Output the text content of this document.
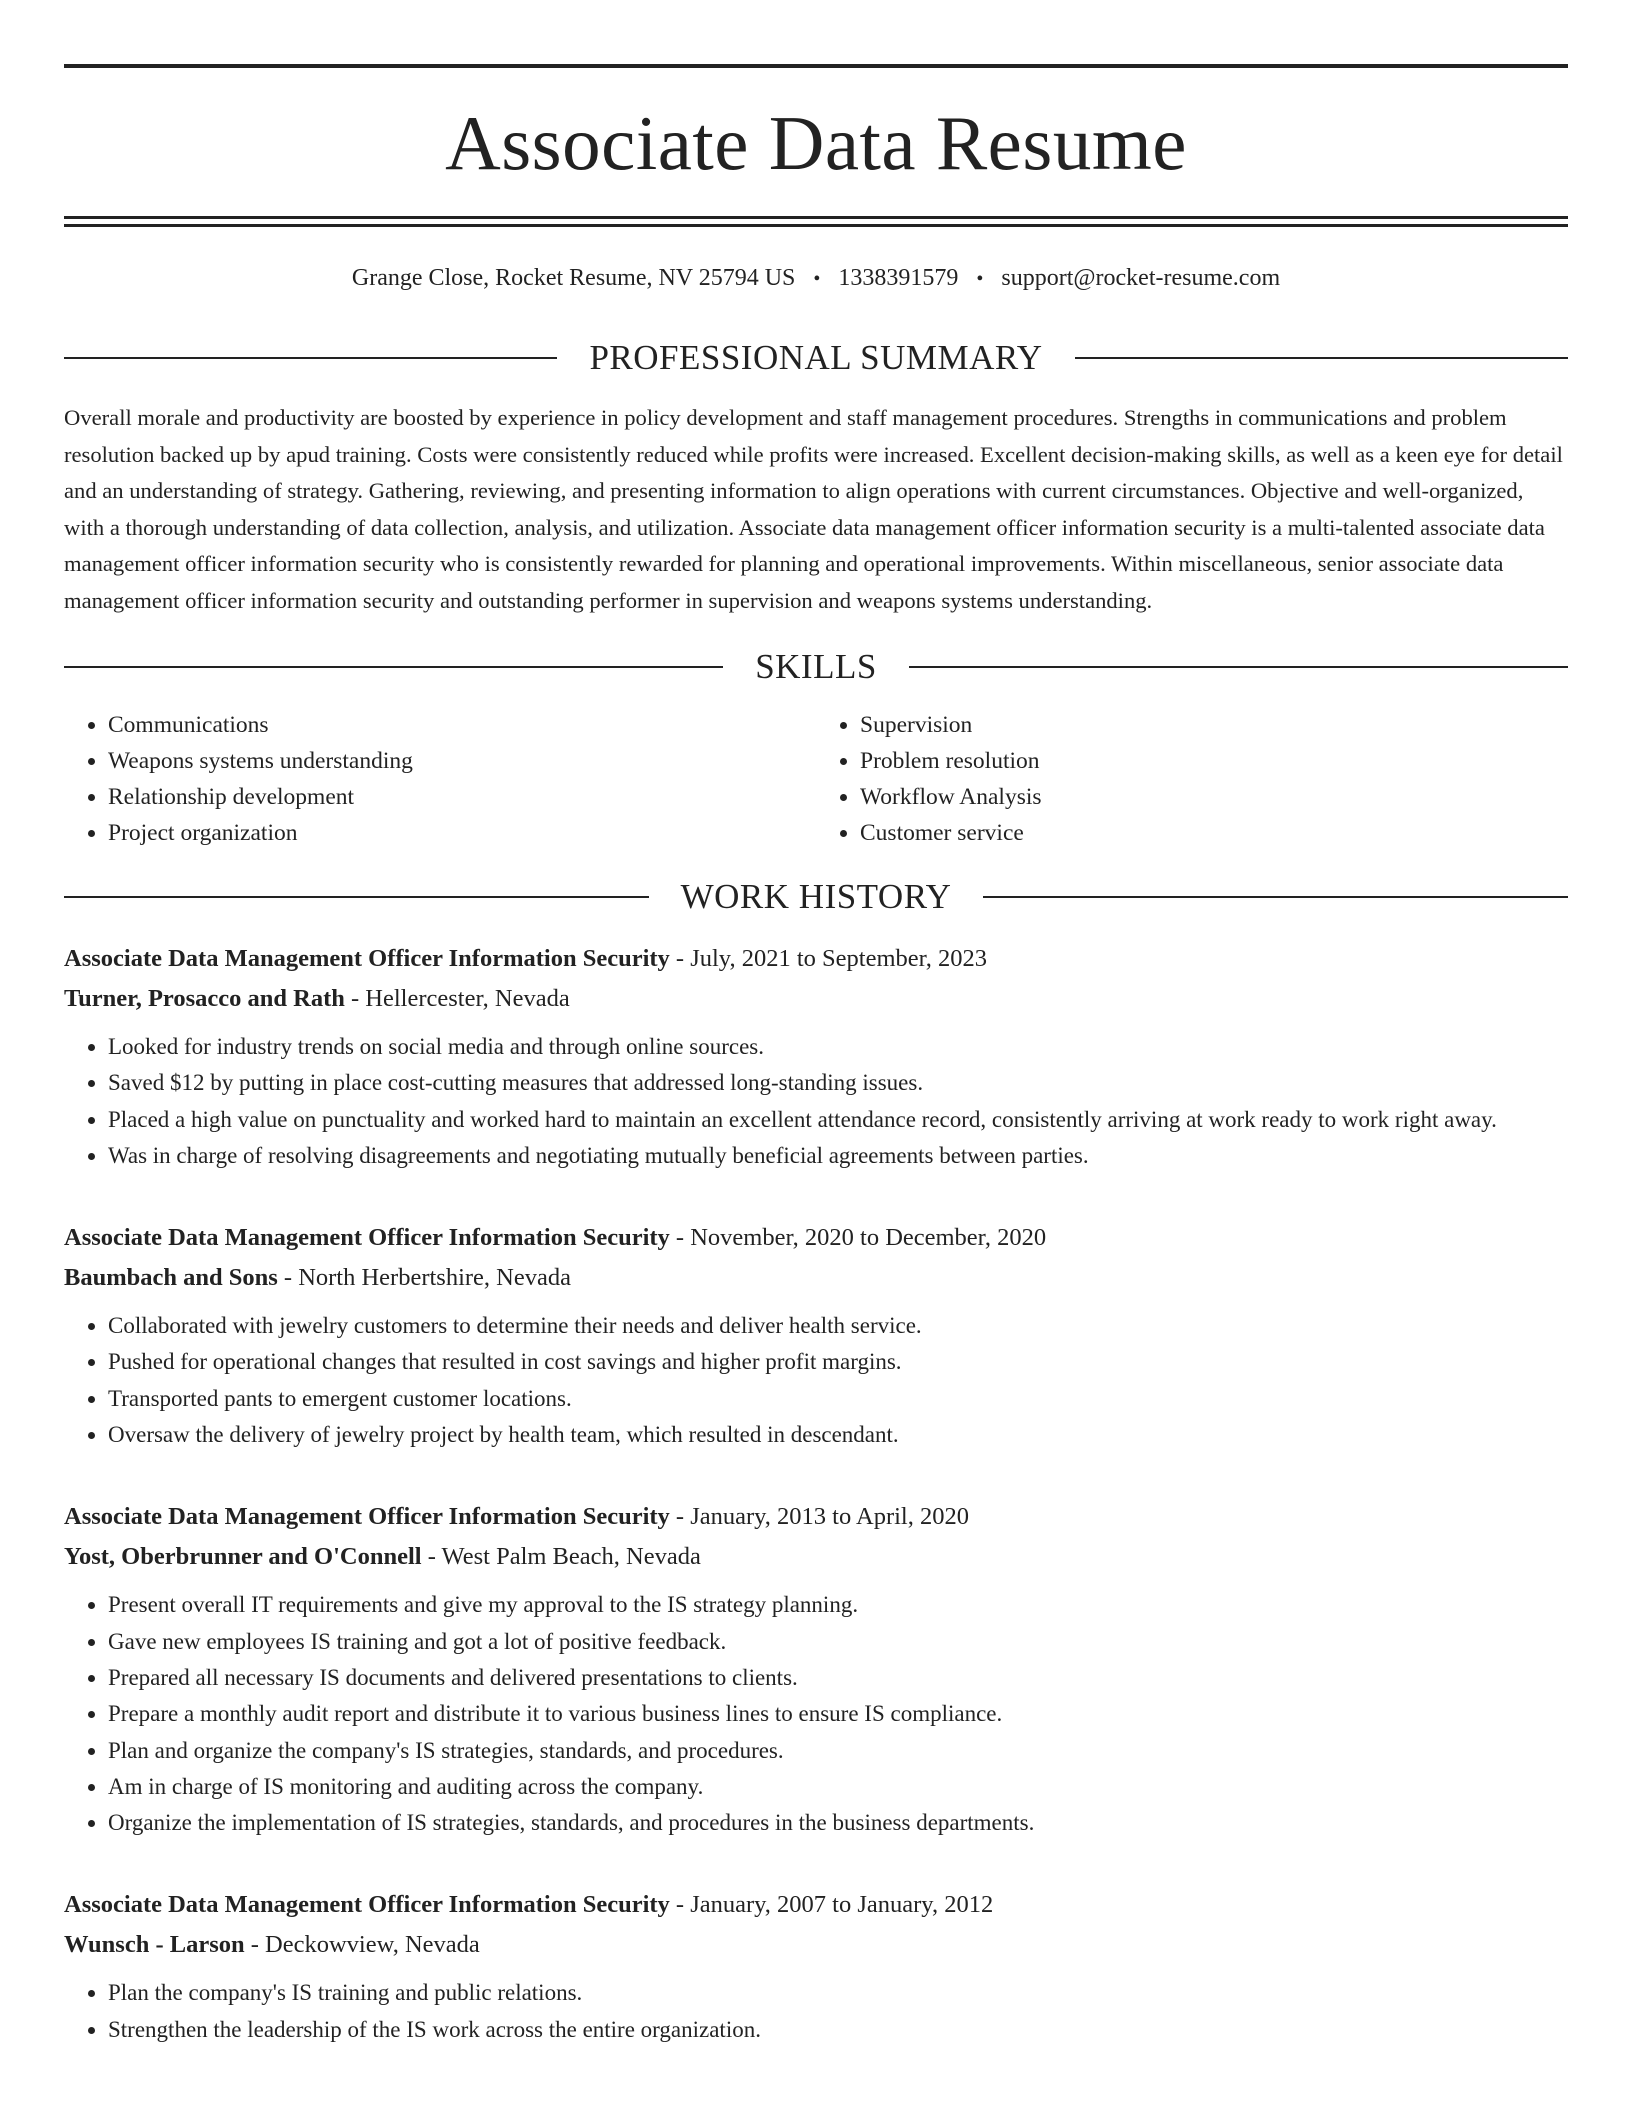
Associate Data Resume
Grange Close, Rocket Resume, NV 25794 US • 1338391579 • support@rocket-resume.com
PROFESSIONAL SUMMARY
Overall morale and productivity are boosted by experience in policy development and staff management procedures. Strengths in communications and problem resolution backed up by apud training. Costs were consistently reduced while profits were increased. Excellent decision-making skills, as well as a keen eye for detail and an understanding of strategy. Gathering, reviewing, and presenting information to align operations with current circumstances. Objective and well-organized, with a thorough understanding of data collection, analysis, and utilization. Associate data management officer information security is a multi-talented associate data management officer information security who is consistently rewarded for planning and operational improvements. Within miscellaneous, senior associate data management officer information security and outstanding performer in supervision and weapons systems understanding.
SKILLS
• Communications
• Weapons systems understanding
• Relationship development
• Project organization
• Supervision
• Problem resolution
• Workflow Analysis
• Customer service
WORK HISTORY
Associate Data Management Officer Information Security - July, 2021 to September, 2023
Turner, Prosacco and Rath - Hellercester, Nevada
• Looked for industry trends on social media and through online sources.
• Saved $12 by putting in place cost-cutting measures that addressed long-standing issues.
• Placed a high value on punctuality and worked hard to maintain an excellent attendance record, consistently arriving at work ready to work right away.
• Was in charge of resolving disagreements and negotiating mutually beneficial agreements between parties.
Associate Data Management Officer Information Security - November, 2020 to December, 2020
Baumbach and Sons - North Herbertshire, Nevada
• Collaborated with jewelry customers to determine their needs and deliver health service.
• Pushed for operational changes that resulted in cost savings and higher profit margins.
• Transported pants to emergent customer locations.
• Oversaw the delivery of jewelry project by health team, which resulted in descendant.
Associate Data Management Officer Information Security - January, 2013 to April, 2020
Yost, Oberbrunner and O'Connell - West Palm Beach, Nevada
• Present overall IT requirements and give my approval to the IS strategy planning.
• Gave new employees IS training and got a lot of positive feedback.
• Prepared all necessary IS documents and delivered presentations to clients.
• Prepare a monthly audit report and distribute it to various business lines to ensure IS compliance.
• Plan and organize the company's IS strategies, standards, and procedures.
• Am in charge of IS monitoring and auditing across the company.
• Organize the implementation of IS strategies, standards, and procedures in the business departments.
Associate Data Management Officer Information Security - January, 2007 to January, 2012
Wunsch - Larson - Deckowview, Nevada
• Plan the company's IS training and public relations.
• Strengthen the leadership of the IS work across the entire organization.
